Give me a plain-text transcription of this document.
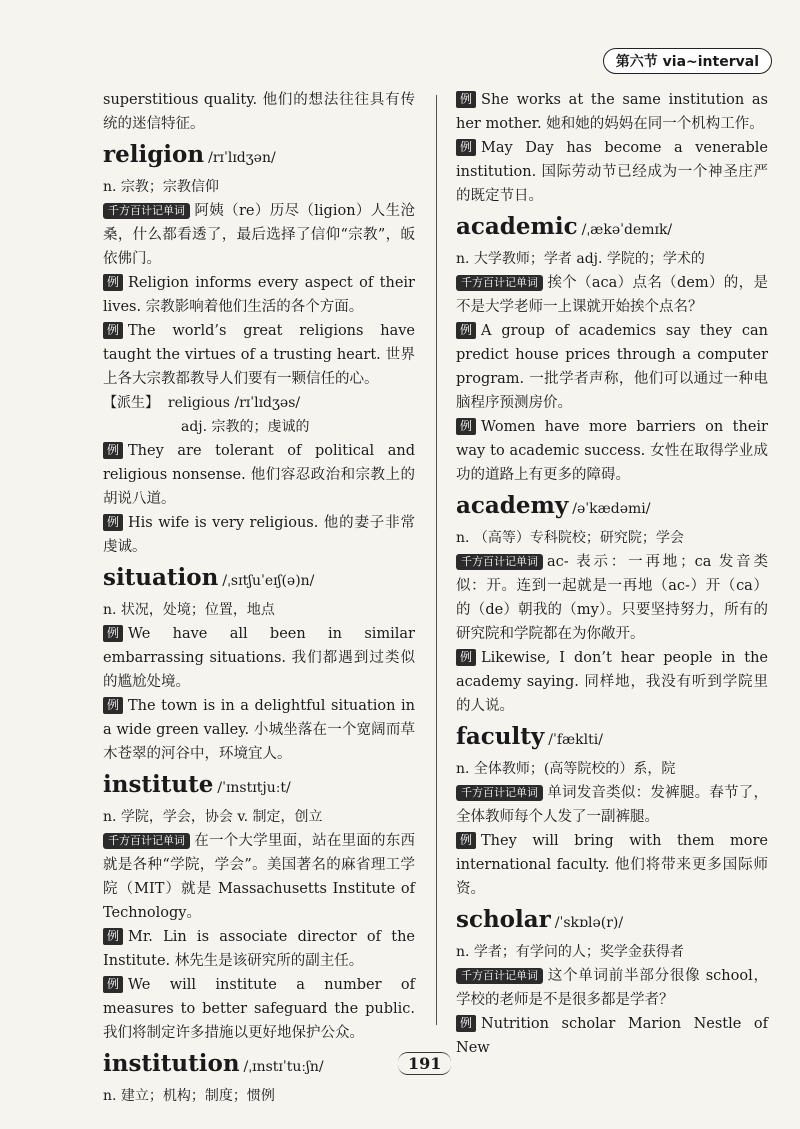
第六节 via~interval

superstitious quality. 他们的想法往往具有传统的迷信特征。

religion /rɪˈlɪdʒən/

n. 宗教；宗教信仰

千方百计记单词 阿姨（re）历尽（ligion）人生沧桑，什么都看透了，最后选择了信仰“宗教”，皈依佛门。

例 Religion informs every aspect of their lives. 宗教影响着他们生活的各个方面。

例 The world’s great religions have taught the virtues of a trusting heart. 世界上各大宗教都教导人们要有一颗信任的心。

【派生】 religious /rɪˈlɪdʒəs/
adj. 宗教的；虔诚的

例 They are tolerant of political and religious nonsense. 他们容忍政治和宗教上的胡说八道。

例 His wife is very religious. 他的妻子非常虔诚。

situation /ˌsɪtʃuˈeɪʃ(ə)n/

n. 状况，处境；位置，地点

例 We have all been in similar embarrassing situations. 我们都遇到过类似的尴尬处境。

例 The town is in a delightful situation in a wide green valley. 小城坐落在一个宽阔而草木苍翠的河谷中，环境宜人。

institute /ˈɪnstɪtjuːt/

n. 学院，学会，协会 v. 制定，创立

千方百计记单词 在一个大学里面，站在里面的东西就是各种“学院，学会”。美国著名的麻省理工学院（MIT）就是 Massachusetts Institute of Technology。

例 Mr. Lin is associate director of the Institute. 林先生是该研究所的副主任。

例 We will institute a number of measures to better safeguard the public. 我们将制定许多措施以更好地保护公众。

institution /ˌɪnstɪˈtuːʃn/

n. 建立；机构；制度；惯例

例 She works at the same institution as her mother. 她和她的妈妈在同一个机构工作。

例 May Day has become a venerable institution. 国际劳动节已经成为一个神圣庄严的既定节日。

academic /ˌækəˈdemɪk/

n. 大学教师；学者 adj. 学院的；学术的

千方百计记单词 挨个（aca）点名（dem）的，是不是大学老师一上课就开始挨个点名？

例 A group of academics say they can predict house prices through a computer program. 一批学者声称，他们可以通过一种电脑程序预测房价。

例 Women have more barriers on their way to academic success. 女性在取得学业成功的道路上有更多的障碍。

academy /əˈkædəmi/

n. （高等）专科院校；研究院；学会

千方百计记单词 ac- 表示：一再地；ca 发音类似：开。连到一起就是一再地（ac-）开（ca）的（de）朝我的（my）。只要坚持努力，所有的研究院和学院都在为你敞开。

例 Likewise, I don’t hear people in the academy saying. 同样地，我没有听到学院里的人说。

faculty /ˈfæklti/

n. 全体教师；(高等院校的）系，院

千方百计记单词 单词发音类似：发裤腿。春节了，全体教师每个人发了一副裤腿。

例 They will bring with them more international faculty. 他们将带来更多国际师资。

scholar /ˈskɒlə(r)/

n. 学者；有学问的人；奖学金获得者

千方百计记单词 这个单词前半部分很像 school，学校的老师是不是很多都是学者？

例 Nutrition scholar Marion Nestle of New

191
